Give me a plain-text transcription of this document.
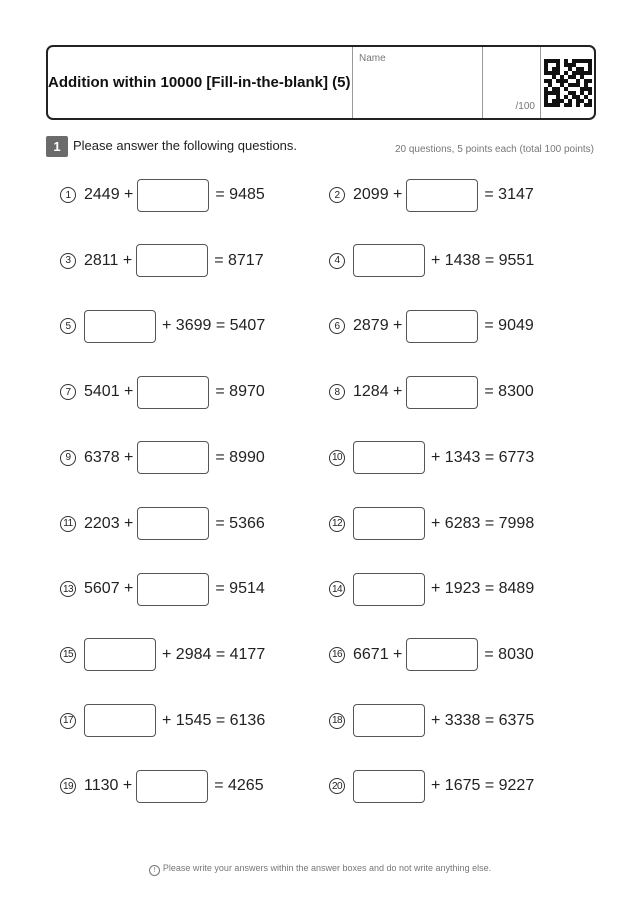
Addition within 10000 [Fill-in-the-blank] (5)
Name
/100
1 Please answer the following questions.	20 questions, 5 points each (total 100 points)
1 2449 +	= 9485	2 2099 +	= 3147
3 2811 +	= 8717	4	+ 1438 = 9551
5	+ 3699 = 5407	6 2879 +	= 9049
7 5401 +	= 8970	8 1284 +	= 8300
9 6378 +	= 8990	10	+ 1343 = 6773
11 2203 +	= 5366	12	+ 6283 = 7998
13 5607 +	= 9514	14	+ 1923 = 8489
15	+ 2984 = 4177	16 6671 +	= 8030
17	+ 1545 = 6136	18	+ 3338 = 6375
19 1130 +	= 4265	20	+ 1675 = 9227
! Please write your answers within the answer boxes and do not write anything else.
